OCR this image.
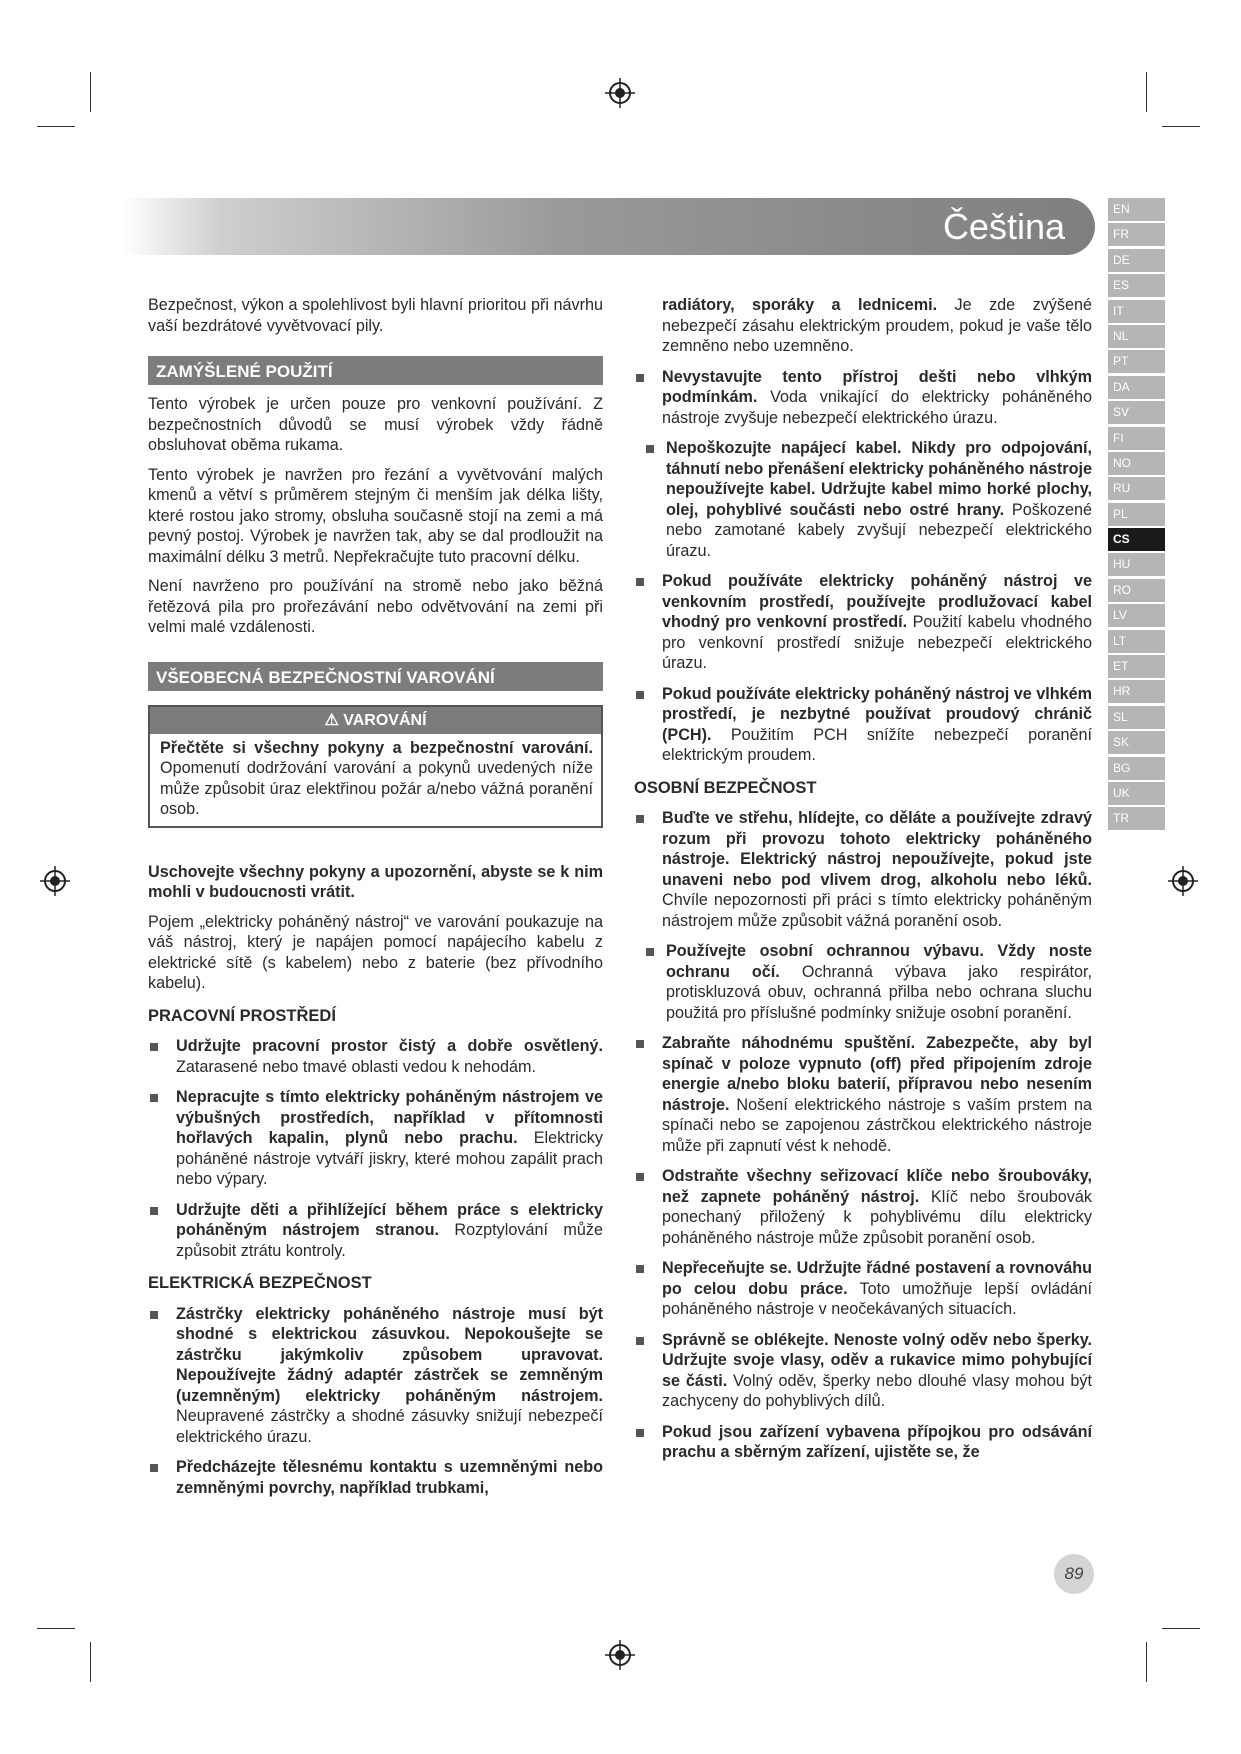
Čeština	EN
FR
DE
ES
IT
NL
PT
DA
SV
FI
NO
RU
PL
CS
HU
RO
LV
LT
ET
HR
SL
SK
BG
UK
TR

Bezpečnost, výkon a spolehlivost byli hlavní prioritou při návrhu vaší bezdrátové vyvětvovací pily.

ZAMÝŠLENÉ POUŽITÍ

Tento výrobek je určen pouze pro venkovní používání. Z bezpečnostních důvodů se musí výrobek vždy řádně obsluhovat oběma rukama.

Tento výrobek je navržen pro řezání a vyvětvování malých kmenů a větví s průměrem stejným či menším jak délka lišty, které rostou jako stromy, obsluha současně stojí na zemi a má pevný postoj. Výrobek je navržen tak, aby se dal prodloužit na maximální délku 3 metrů. Nepřekračujte tuto pracovní délku.

Není navrženo pro používání na stromě nebo jako běžná řetězová pila pro prořezávání nebo odvětvování na zemi při velmi malé vzdálenosti.

VŠEOBECNÁ BEZPEČNOSTNÍ VAROVÁNÍ
⚠ VAROVÁNÍ
Přečtěte si všechny pokyny a bezpečnostní varování. Opomenutí dodržování varování a pokynů uvedených níže může způsobit úraz elektřinou požár a/nebo vážná poranění osob.

Uschovejte všechny pokyny a upozornění, abyste se k nim mohli v budoucnosti vrátit.

Pojem „elektricky poháněný nástroj“ ve varování poukazuje na váš nástroj, který je napájen pomocí napájecího kabelu z elektrické sítě (s kabelem) nebo z baterie (bez přívodního kabelu).

PRACOVNÍ PROSTŘEDÍ
Udržujte pracovní prostor čistý a dobře osvětlený. Zatarasené nebo tmavé oblasti vedou k nehodám.
Nepracujte s tímto elektricky poháněným nástrojem ve výbušných prostředích, například v přítomnosti hořlavých kapalin, plynů nebo prachu. Elektricky poháněné nástroje vytváří jiskry, které mohou zapálit prach nebo výpary.
Udržujte děti a přihlížející během práce s elektricky poháněným nástrojem stranou. Rozptylování může způsobit ztrátu kontroly.
ELEKTRICKÁ BEZPEČNOST
Zástrčky elektricky poháněného nástroje musí být shodné s elektrickou zásuvkou. Nepokoušejte se zástrčku jakýmkoliv způsobem upravovat. Nepoužívejte žádný adaptér zástrček se zemněným (uzemněným) elektricky poháněným nástrojem. Neupravené zástrčky a shodné zásuvky snižují nebezpečí elektrického úrazu.
Předcházejte tělesnému kontaktu s uzemněnými nebo zemněnými povrchy, například trubkami,
radiátory, sporáky a lednicemi. Je zde zvýšené nebezpečí zásahu elektrickým proudem, pokud je vaše tělo zemněno nebo uzemněno.
Nevystavujte tento přístroj dešti nebo vlhkým podmínkám. Voda vnikající do elektricky poháněného nástroje zvyšuje nebezpečí elektrického úrazu.
Nepoškozujte napájecí kabel. Nikdy pro odpojování, táhnutí nebo přenášení elektricky poháněného nástroje nepoužívejte kabel. Udržujte kabel mimo horké plochy, olej, pohyblivé součásti nebo ostré hrany. Poškozené nebo zamotané kabely zvyšují nebezpečí elektrického úrazu.
Pokud používáte elektricky poháněný nástroj ve venkovním prostředí, používejte prodlužovací kabel vhodný pro venkovní prostředí. Použití kabelu vhodného pro venkovní prostředí snižuje nebezpečí elektrického úrazu.
Pokud používáte elektricky poháněný nástroj ve vlhkém prostředí, je nezbytné používat proudový chránič (PCH). Použitím PCH snížíte nebezpečí poranění elektrickým proudem.
OSOBNÍ BEZPEČNOST
Buďte ve střehu, hlídejte, co děláte a používejte zdravý rozum při provozu tohoto elektricky poháněného nástroje. Elektrický nástroj nepoužívejte, pokud jste unaveni nebo pod vlivem drog, alkoholu nebo léků. Chvíle nepozornosti při práci s tímto elektricky poháněným nástrojem může způsobit vážná poranění osob.
Používejte osobní ochrannou výbavu. Vždy noste ochranu očí. Ochranná výbava jako respirátor, protiskluzová obuv, ochranná přilba nebo ochrana sluchu použitá pro příslušné podmínky snižuje osobní poranění.
Zabraňte náhodnému spuštění. Zabezpečte, aby byl spínač v poloze vypnuto (off) před připojením zdroje energie a/nebo bloku baterií, přípravou nebo nesením nástroje. Nošení elektrického nástroje s vaším prstem na spínači nebo se zapojenou zástrčkou elektrického nástroje může při zapnutí vést k nehodě.
Odstraňte všechny seřizovací klíče nebo šroubováky, než zapnete poháněný nástroj. Klíč nebo šroubovák ponechaný přiložený k pohyblivému dílu elektricky poháněného nástroje může způsobit poranění osob.
Nepřeceňujte se. Udržujte řádné postavení a rovnováhu po celou dobu práce. Toto umožňuje lepší ovládání poháněného nástroje v neočekávaných situacích.
Správně se oblékejte. Nenoste volný oděv nebo šperky. Udržujte svoje vlasy, oděv a rukavice mimo pohybující se části. Volný oděv, šperky nebo dlouhé vlasy mohou být zachyceny do pohyblivých dílů.
Pokud jsou zařízení vybavena přípojkou pro odsávání prachu a sběrným zařízení, ujistěte se, že
89
